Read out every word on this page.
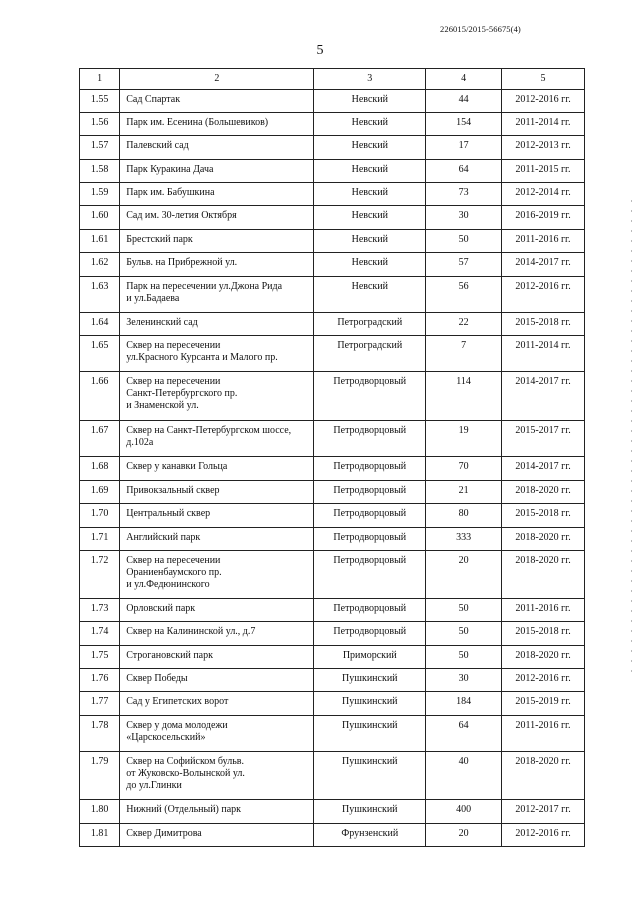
226015/2015-56675(4)
5
1	2	3	4	5
1.55	Сад Спартак	Невский	44	2012-2016 гг.
1.56	Парк им. Есенина (Большевиков)	Невский	154	2011-2014 гг.
1.57	Палевский сад	Невский	17	2012-2013 гг.
1.58	Парк Куракина Дача	Невский	64	2011-2015 гг.
1.59	Парк им. Бабушкина	Невский	73	2012-2014 гг.
1.60	Сад им. 30-летия Октября	Невский	30	2016-2019 гг.
1.61	Брестский парк	Невский	50	2011-2016 гг.
1.62	Бульв. на Прибрежной ул.	Невский	57	2014-2017 гг.
1.63	Парк на пересечении ул.Джона Рида
и ул.Бадаева	Невский	56	2012-2016 гг.
1.64	Зеленинский сад	Петроградский	22	2015-2018 гг.
1.65	Сквер на пересечении
ул.Красного Курсанта и Малого пр.	Петроградский	7	2011-2014 гг.
1.66	Сквер на пересечении
Санкт-Петербургского пр.
и Знаменской ул.	Петродворцовый	114	2014-2017 гг.
1.67	Сквер на Санкт-Петербургском шоссе,
д.102а	Петродворцовый	19	2015-2017 гг.
1.68	Сквер у канавки Гольца	Петродворцовый	70	2014-2017 гг.
1.69	Привокзальный сквер	Петродворцовый	21	2018-2020 гг.
1.70	Центральный сквер	Петродворцовый	80	2015-2018 гг.
1.71	Английский парк	Петродворцовый	333	2018-2020 гг.
1.72	Сквер на пересечении
Ораниенбаумского пр.
и ул.Федюнинского	Петродворцовый	20	2018-2020 гг.
1.73	Орловский парк	Петродворцовый	50	2011-2016 гг.
1.74	Сквер на Калининской ул., д.7	Петродворцовый	50	2015-2018 гг.
1.75	Строгановский парк	Приморский	50	2018-2020 гг.
1.76	Сквер Победы	Пушкинский	30	2012-2016 гг.
1.77	Сад у Египетских ворот	Пушкинский	184	2015-2019 гг.
1.78	Сквер у дома молодежи
«Царскосельский»	Пушкинский	64	2011-2016 гг.
1.79	Сквер на Софийском бульв.
от Жуковско-Волынской ул.
до ул.Глинки	Пушкинский	40	2018-2020 гг.
1.80	Нижний (Отдельный) парк	Пушкинский	400	2012-2017 гг.
1.81	Сквер Димитрова	Фрунзенский	20	2012-2016 гг.
